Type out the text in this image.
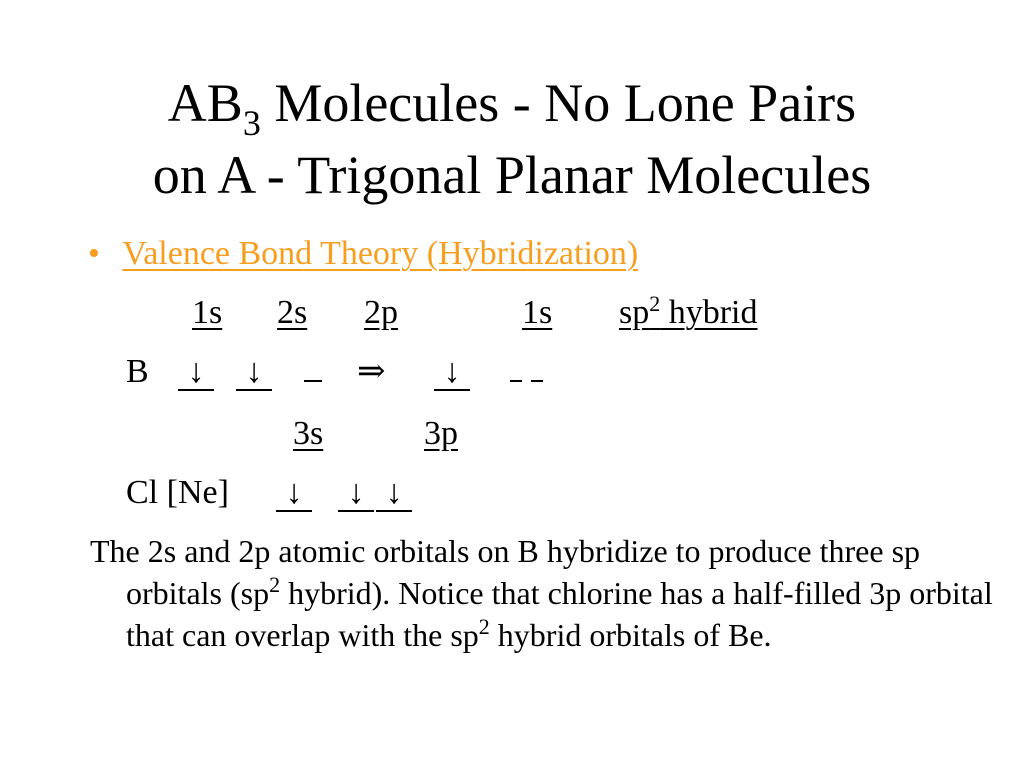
$AB_3$ Molecules - No Lone Pairs
on A - Trigonal Planar Molecules
• Valence Bond Theory (Hybridization)
1s 2s 2p	1s $sp^2$ hybrid
B ↓ ↓	⇒ ↓

3s	3p
Cl [Ne] ↓ ↓ ↓
The 2s and 2p atomic orbitals on B hybridize to produce three sp orbitals ($sp^2$ hybrid). Notice that chlorine has a half-filled 3p orbital that can overlap with the $sp^2$ hybrid orbitals of Be.
